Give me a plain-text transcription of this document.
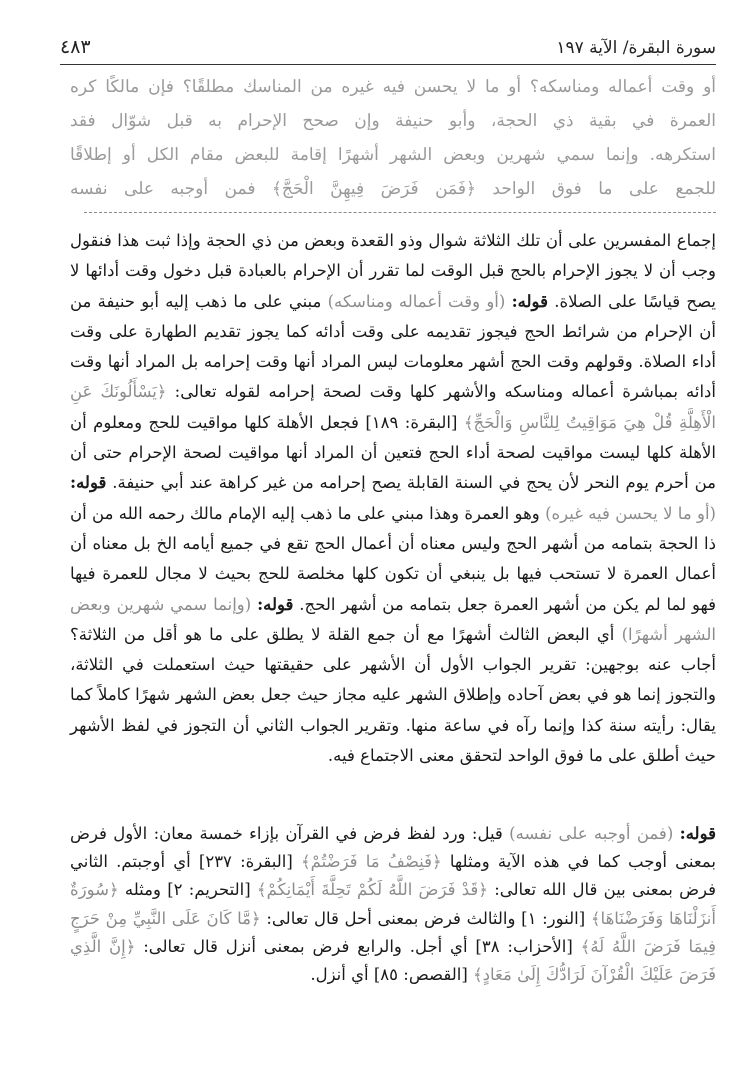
سورة البقرة/ الآية ١٩٧
٤٨٣

أو وقت أعماله ومناسكه؟ أو ما لا يحسن فيه غيره من المناسك مطلقًا؟ فإن مالكًا كره

العمرة في بقية ذي الحجة، وأبو حنيفة وإن صحح الإحرام به قبل شوّال فقد

استكرهه. وإنما سمي شهرين وبعض الشهر أشهرًا إقامة للبعض مقام الكل أو إطلاقًا

للجمع على ما فوق الواحد ﴿فَمَن فَرَضَ فِيهِنَّ الْحَجَّ﴾ فمن أوجبه على نفسه

إجماع المفسرين على أن تلك الثلاثة شوال وذو القعدة وبعض من ذي الحجة وإذا ثبت هذا فنقول وجب أن لا يجوز الإحرام بالحج قبل الوقت لما تقرر أن الإحرام بالعبادة قبل دخول وقت أدائها لا يصح قياسًا على الصلاة. قوله: (أو وقت أعماله ومناسكه) مبني على ما ذهب إليه أبو حنيفة من أن الإحرام من شرائط الحج فيجوز تقديمه على وقت أدائه كما يجوز تقديم الطهارة على وقت أداء الصلاة. وقولهم وقت الحج أشهر معلومات ليس المراد أنها وقت إحرامه بل المراد أنها وقت أدائه بمباشرة أعماله ومناسكه والأشهر كلها وقت لصحة إحرامه لقوله تعالى: ﴿يَسْأَلُونَكَ عَنِ الْأَهِلَّةِ قُلْ هِيَ مَوَاقِيتُ لِلنَّاسِ وَالْحَجِّ﴾ [البقرة: ١٨٩] فجعل الأهلة كلها مواقيت للحج ومعلوم أن الأهلة كلها ليست مواقيت لصحة أداء الحج فتعين أن المراد أنها مواقيت لصحة الإحرام حتى أن من أحرم يوم النحر لأن يحج في السنة القابلة يصح إحرامه من غير كراهة عند أبي حنيفة. قوله: (أو ما لا يحسن فيه غيره) وهو العمرة وهذا مبني على ما ذهب إليه الإمام مالك رحمه الله من أن ذا الحجة بتمامه من أشهر الحج وليس معناه أن أعمال الحج تقع في جميع أيامه الخ بل معناه أن أعمال العمرة لا تستحب فيها بل ينبغي أن تكون كلها مخلصة للحج بحيث لا مجال للعمرة فيها فهو لما لم يكن من أشهر العمرة جعل بتمامه من أشهر الحج. قوله: (وإنما سمي شهرين وبعض الشهر أشهرًا) أي البعض الثالث أشهرًا مع أن جمع القلة لا يطلق على ما هو أقل من الثلاثة؟ أجاب عنه بوجهين: تقرير الجواب الأول أن الأشهر على حقيقتها حيث استعملت في الثلاثة، والتجوز إنما هو في بعض آحاده وإطلاق الشهر عليه مجاز حيث جعل بعض الشهر شهرًا كاملاً كما يقال: رأيته سنة كذا وإنما رآه في ساعة منها. وتقرير الجواب الثاني أن التجوز في لفظ الأشهر حيث أطلق على ما فوق الواحد لتحقق معنى الاجتماع فيه.

قوله: (فمن أوجبه على نفسه) قيل: ورد لفظ فرض في القرآن بإزاء خمسة معان: الأول فرض بمعنى أوجب كما في هذه الآية ومثلها ﴿فَنِصْفُ مَا فَرَضْتُمْ﴾ [البقرة: ٢٣٧] أي أوجبتم. الثاني فرض بمعنى بين قال الله تعالى: ﴿قَدْ فَرَضَ اللَّهُ لَكُمْ تَحِلَّةَ أَيْمَانِكُمْ﴾ [التحريم: ٢] ومثله ﴿سُورَةٌ أَنزَلْنَاهَا وَفَرَضْنَاهَا﴾ [النور: ١] والثالث فرض بمعنى أحل قال تعالى: ﴿مَّا كَانَ عَلَى النَّبِيِّ مِنْ حَرَجٍ فِيمَا فَرَضَ اللَّهُ لَهُ﴾ [الأحزاب: ٣٨] أي أجل. والرابع فرض بمعنى أنزل قال تعالى: ﴿إِنَّ الَّذِي فَرَضَ عَلَيْكَ الْقُرْآنَ لَرَادُّكَ إِلَىٰ مَعَادٍ﴾ [القصص: ٨٥] أي أنزل.
